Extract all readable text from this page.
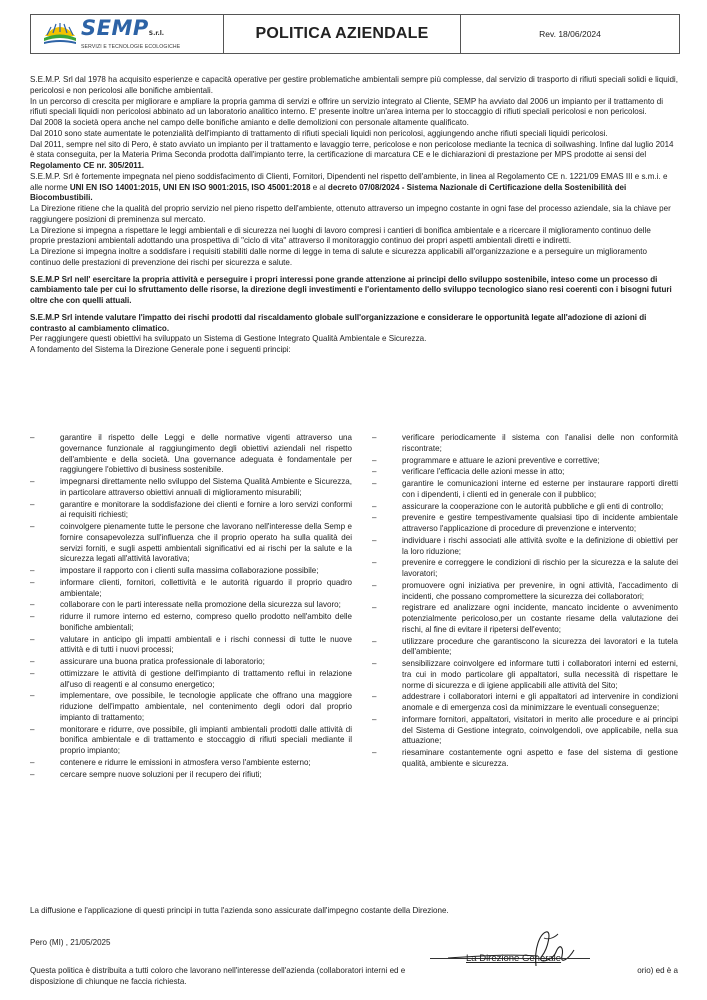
SEMPS.r.l.
SERVIZI E TECNOLOGIE ECOLOGICHE
POLITICA AZIENDALE	Rev. 18/06/2024

S.E.M.P. Srl dal 1978 ha acquisito esperienze e capacità operative per gestire problematiche ambientali sempre più complesse, dal servizio di trasporto di rifiuti speciali solidi e liquidi, pericolosi e non pericolosi alle bonifiche ambientali.

In un percorso di crescita per migliorare e ampliare la propria gamma di servizi e offrire un servizio integrato al Cliente, SEMP ha avviato dal 2006 un impianto per il trattamento di rifiuti speciali liquidi non pericolosi abbinato ad un laboratorio analitico interno. E' presente inoltre un'area interna per lo stoccaggio di rifiuti speciali pericolosi e non pericolosi.

Dal 2008 la società opera anche nel campo delle bonifiche amianto e delle demolizioni con personale altamente qualificato.

Dal 2010 sono state aumentate le potenzialità dell'impianto di trattamento di rifiuti speciali liquidi non pericolosi, aggiungendo anche rifiuti speciali liquidi pericolosi.

Dal 2011, sempre nel sito di Pero, è stato avviato un impianto per il trattamento e lavaggio terre, pericolose e non pericolose mediante la tecnica di soilwashing. Infine dal luglio 2014 è stata conseguita, per la Materia Prima Seconda prodotta dall'impianto terre, la certificazione di marcatura CE e le dichiarazioni di prestazione per MPS prodotte ai sensi del Regolamento CE nr. 305/2011.

S.E.M.P. Srl è fortemente impegnata nel pieno soddisfacimento di Clienti, Fornitori, Dipendenti nel rispetto dell'ambiente, in linea al Regolamento CE n. 1221/09 EMAS III e s.m.i. e alle norme UNI EN ISO 14001:2015, UNI EN ISO 9001:2015, ISO 45001:2018 e al decreto 07/08/2024 - Sistema Nazionale di Certificazione della Sostenibilità dei Biocombustibili.

La Direzione ritiene che la qualità del proprio servizio nel pieno rispetto dell'ambiente, ottenuto attraverso un impegno costante in ogni fase del processo aziendale, sia la chiave per raggiungere posizioni di preminenza sul mercato.

La Direzione si impegna a rispettare le leggi ambientali e di sicurezza nei luoghi di lavoro compresi i cantieri di bonifica ambientale e a ricercare il miglioramento continuo delle proprie prestazioni ambientali adottando una prospettiva di "ciclo di vita" attraverso il monitoraggio continuo dei propri aspetti ambientali diretti e indiretti.

La Direzione si impegna inoltre a soddisfare i requisiti stabiliti dalle norme di legge in tema di salute e sicurezza applicabili all'organizzazione e a perseguire un miglioramento continuo delle prestazioni di prevenzione dei rischi per sicurezza e salute.

S.E.M.P Srl nell' esercitare la propria attività e perseguire i propri interessi pone grande attenzione ai principi dello sviluppo sostenibile, inteso come un processo di cambiamento tale per cui lo sfruttamento delle risorse, la direzione degli investimenti e l'orientamento dello sviluppo tecnologico siano resi coerenti con i bisogni futuri oltre che con quelli attuali.

S.E.M.P Srl intende valutare l'impatto dei rischi prodotti dal riscaldamento globale sull'organizzazione e considerare le opportunità legate all'adozione di azioni di contrasto al cambiamento climatico.

Per raggiungere questi obiettivi ha sviluppato un Sistema di Gestione Integrato Qualità Ambientale e Sicurezza.

A fondamento del Sistema la Direzione Generale pone i seguenti principi:

–	garantire il rispetto delle Leggi e delle normative vigenti attraverso una governance funzionale al raggiungimento degli obiettivi aziendali nel rispetto dell'ambiente e della società. Una governance adeguata è fondamentale per raggiungere l'obiettivo di business sostenibile.
–	impegnarsi direttamente nello sviluppo del Sistema Qualità Ambiente e Sicurezza, in particolare attraverso obiettivi annuali di miglioramento misurabili;
–	garantire e monitorare la soddisfazione dei clienti e fornire a loro servizi conformi ai requisiti richiesti;
–	coinvolgere pienamente tutte le persone che lavorano nell'interesse della Semp e fornire consapevolezza sull'influenza che il proprio operato ha sulla qualità dei servizi forniti, e sugli aspetti ambientali significativi ed ai rischi per la salute e la sicurezza legati all'attività lavorativa;
–	impostare il rapporto con i clienti sulla massima collaborazione possibile;
–	informare clienti, fornitori, collettività e le autorità riguardo il proprio quadro ambientale;
–	collaborare con le parti interessate nella promozione della sicurezza sul lavoro;
–	ridurre il rumore interno ed esterno, compreso quello prodotto nell'ambito delle bonifiche ambientali;
–	valutare in anticipo gli impatti ambientali e i rischi connessi di tutte le nuove attività e di tutti i nuovi processi;
–	assicurare una buona pratica professionale di laboratorio;
–	ottimizzare le attività di gestione dell'impianto di trattamento reflui in relazione all'uso di reagenti e al consumo energetico;
–	implementare, ove possibile, le tecnologie applicate che offrano una maggiore riduzione dell'impatto ambientale, nel contenimento degli odori dal proprio impianto di trattamento;
–	monitorare e ridurre, ove possibile, gli impianti ambientali prodotti dalle attività di bonifica ambientale e di trattamento e stoccaggio di rifiuti speciali mediante il proprio impianto;
–	contenere e ridurre le emissioni in atmosfera verso l'ambiente esterno;
–	cercare sempre nuove soluzioni per il recupero dei rifiuti;
–	verificare periodicamente il sistema con l'analisi delle non conformità riscontrate;
–	programmare e attuare le azioni preventive e correttive;
–	verificare l'efficacia delle azioni messe in atto;
–	garantire le comunicazioni interne ed esterne per instaurare rapporti diretti con i dipendenti, i clienti ed in generale con il pubblico;
–	assicurare la cooperazione con le autorità pubbliche e gli enti di controllo;
–	prevenire e gestire tempestivamente qualsiasi tipo di incidente ambientale attraverso l'applicazione di procedure di prevenzione e intervento;
–	individuare i rischi associati alle attività svolte e la definizione di obiettivi per la loro riduzione;
–	prevenire e correggere le condizioni di rischio per la sicurezza e la salute dei lavoratori;
–	promuovere ogni iniziativa per prevenire, in ogni attività, l'accadimento di incidenti, che possano compromettere la sicurezza dei collaboratori;
–	registrare ed analizzare ogni incidente, mancato incidente o avvenimento potenzialmente pericoloso,per un costante riesame della valutazione dei rischi, al fine di evitare il ripetersi dell'evento;
–	utilizzare procedure che garantiscono la sicurezza dei lavoratori e la tutela dell'ambiente;
–	sensibilizzare coinvolgere ed informare tutti i collaboratori interni ed esterni, tra cui in modo particolare gli appaltatori, sulla necessità di rispettare le norme di sicurezza e di igiene applicabili alle attività del Sito;
–	addestrare i collaboratori interni e gli appaltatori ad intervenire in condizioni anomale e di emergenza così da minimizzare le eventuali conseguenze;
–	informare fornitori, appaltatori, visitatori in merito alle procedure e ai principi del Sistema di Gestione integrato, coinvolgendoli, ove applicabile, nella sua attuazione;
–	riesaminare costantemente ogni aspetto e fase del sistema di gestione qualità, ambiente e sicurezza.
La diffusione e l'applicazione di questi principi in tutta l'azienda sono assicurate dall'impegno costante della Direzione.
Pero (MI) , 21/05/2025
La Direzione Generale
Questa politica è distribuita a tutti coloro che lavorano nell'interesse dell'azienda (collaboratori interni ed e	orio) ed è a
disposizione di chiunque ne faccia richiesta.
